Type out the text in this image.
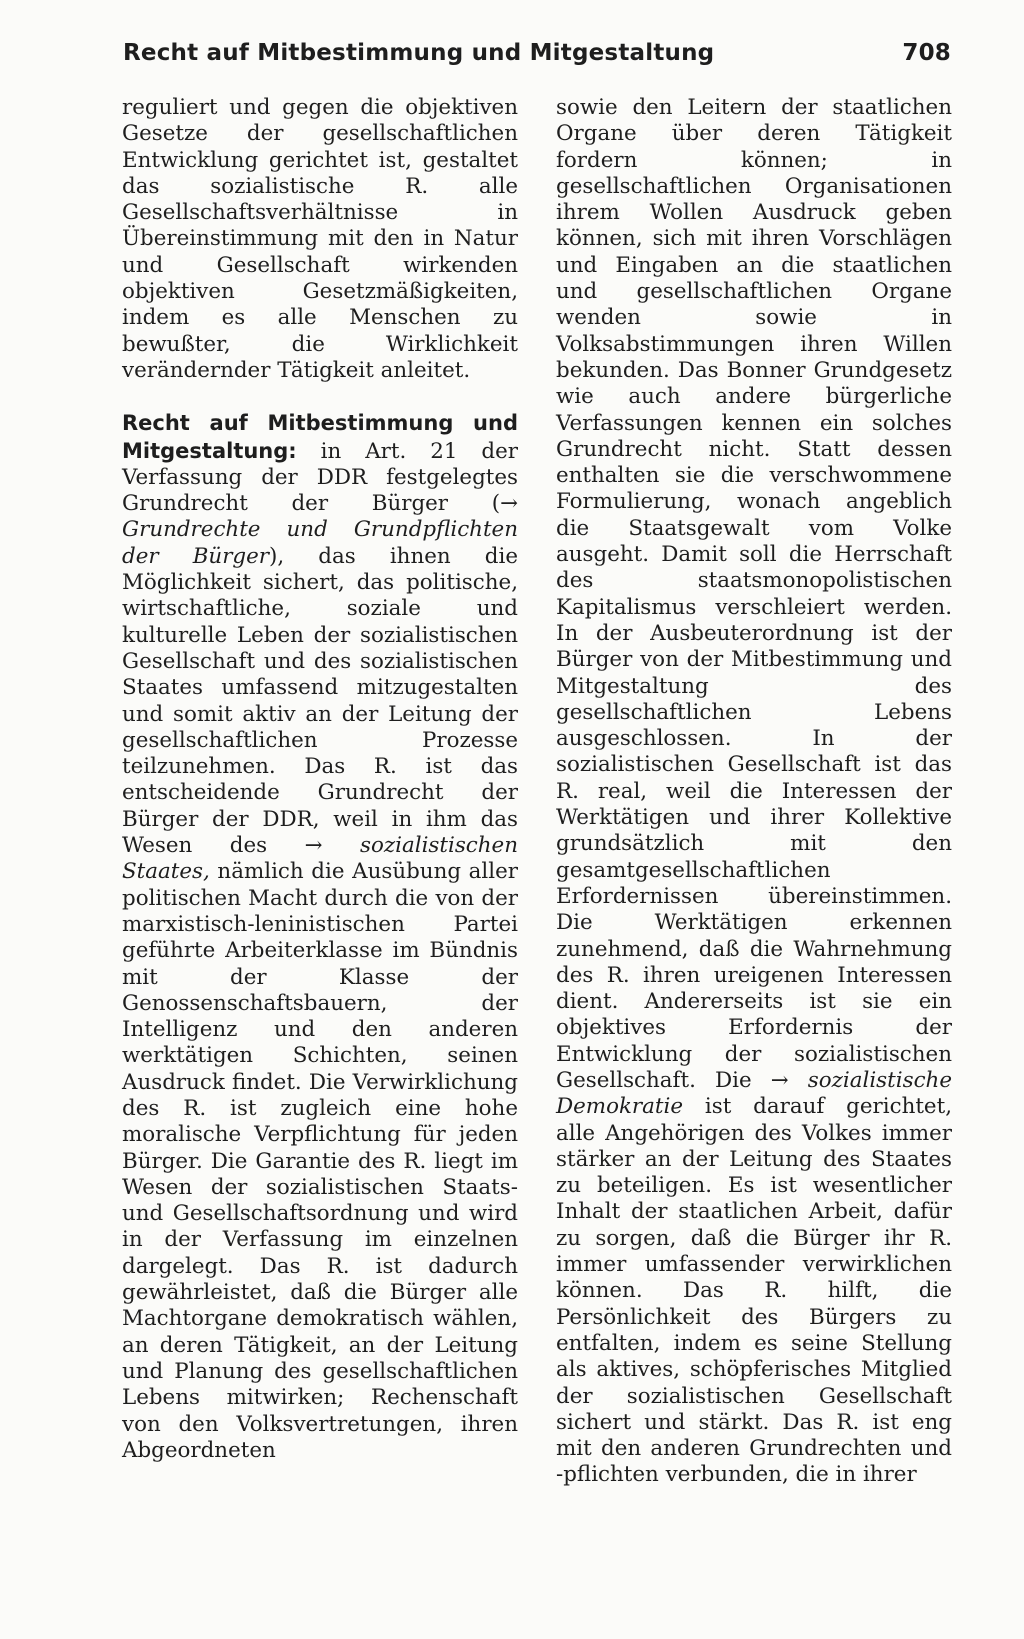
Recht auf Mitbestimmung und Mitgestaltung	708

reguliert und gegen die objektiven Gesetze der gesellschaftlichen Entwicklung gerichtet ist, gestaltet das sozialistische R. alle Gesellschaftsverhältnisse in Übereinstimmung mit den in Natur und Gesellschaft wirkenden objektiven Gesetzmäßigkeiten, indem es alle Menschen zu bewußter, die Wirklichkeit verändernder Tätigkeit anleitet.

Recht auf Mitbestimmung und Mitgestaltung: in Art. 21 der Verfassung der DDR festgelegtes Grundrecht der Bürger (→ Grundrechte und Grundpflichten der Bürger), das ihnen die Möglichkeit sichert, das politische, wirtschaftliche, soziale und kulturelle Leben der sozialistischen Gesellschaft und des sozialistischen Staates umfassend mitzugestalten und somit aktiv an der Leitung der gesellschaftlichen Prozesse teilzunehmen. Das R. ist das entscheidende Grundrecht der Bürger der DDR, weil in ihm das Wesen des → sozialistischen Staates, nämlich die Ausübung aller politischen Macht durch die von der marxistisch-leninistischen Partei geführte Arbeiterklasse im Bündnis mit der Klasse der Genossenschaftsbauern, der Intelligenz und den anderen werktätigen Schichten, seinen Ausdruck findet. Die Verwirklichung des R. ist zugleich eine hohe moralische Verpflichtung für jeden Bürger. Die Garantie des R. liegt im Wesen der sozialistischen Staats- und Gesellschaftsordnung und wird in der Verfassung im einzelnen dargelegt. Das R. ist dadurch gewährleistet, daß die Bürger alle Machtorgane demokratisch wählen, an deren Tätigkeit, an der Leitung und Planung des gesellschaftlichen Lebens mitwirken; Rechenschaft von den Volksvertretungen, ihren Abgeordneten

sowie den Leitern der staatlichen Organe über deren Tätigkeit fordern können; in gesellschaftlichen Organisationen ihrem Wollen Ausdruck geben können, sich mit ihren Vorschlägen und Eingaben an die staatlichen und gesellschaftlichen Organe wenden sowie in Volksabstimmungen ihren Willen bekunden. Das Bonner Grundgesetz wie auch andere bürgerliche Verfassungen kennen ein solches Grundrecht nicht. Statt dessen enthalten sie die verschwommene Formulierung, wonach angeblich die Staatsgewalt vom Volke ausgeht. Damit soll die Herrschaft des staatsmonopolistischen Kapitalismus verschleiert werden. In der Ausbeuterordnung ist der Bürger von der Mitbestimmung und Mitgestaltung des gesellschaftlichen Lebens ausgeschlossen. In der sozialistischen Gesellschaft ist das R. real, weil die Interessen der Werktätigen und ihrer Kollektive grundsätzlich mit den gesamtgesellschaftlichen Erfordernissen übereinstimmen. Die Werktätigen erkennen zunehmend, daß die Wahrnehmung des R. ihren ureigenen Interessen dient. Andererseits ist sie ein objektives Erfordernis der Entwicklung der sozialistischen Gesellschaft. Die → sozialistische Demokratie ist darauf gerichtet, alle Angehörigen des Volkes immer stärker an der Leitung des Staates zu beteiligen. Es ist wesentlicher Inhalt der staatlichen Arbeit, dafür zu sorgen, daß die Bürger ihr R. immer umfassender verwirklichen können. Das R. hilft, die Persönlichkeit des Bürgers zu entfalten, indem es seine Stellung als aktives, schöpferisches Mitglied der sozialistischen Gesellschaft sichert und stärkt. Das R. ist eng mit den anderen Grundrechten und -pflichten verbunden, die in ihrer
